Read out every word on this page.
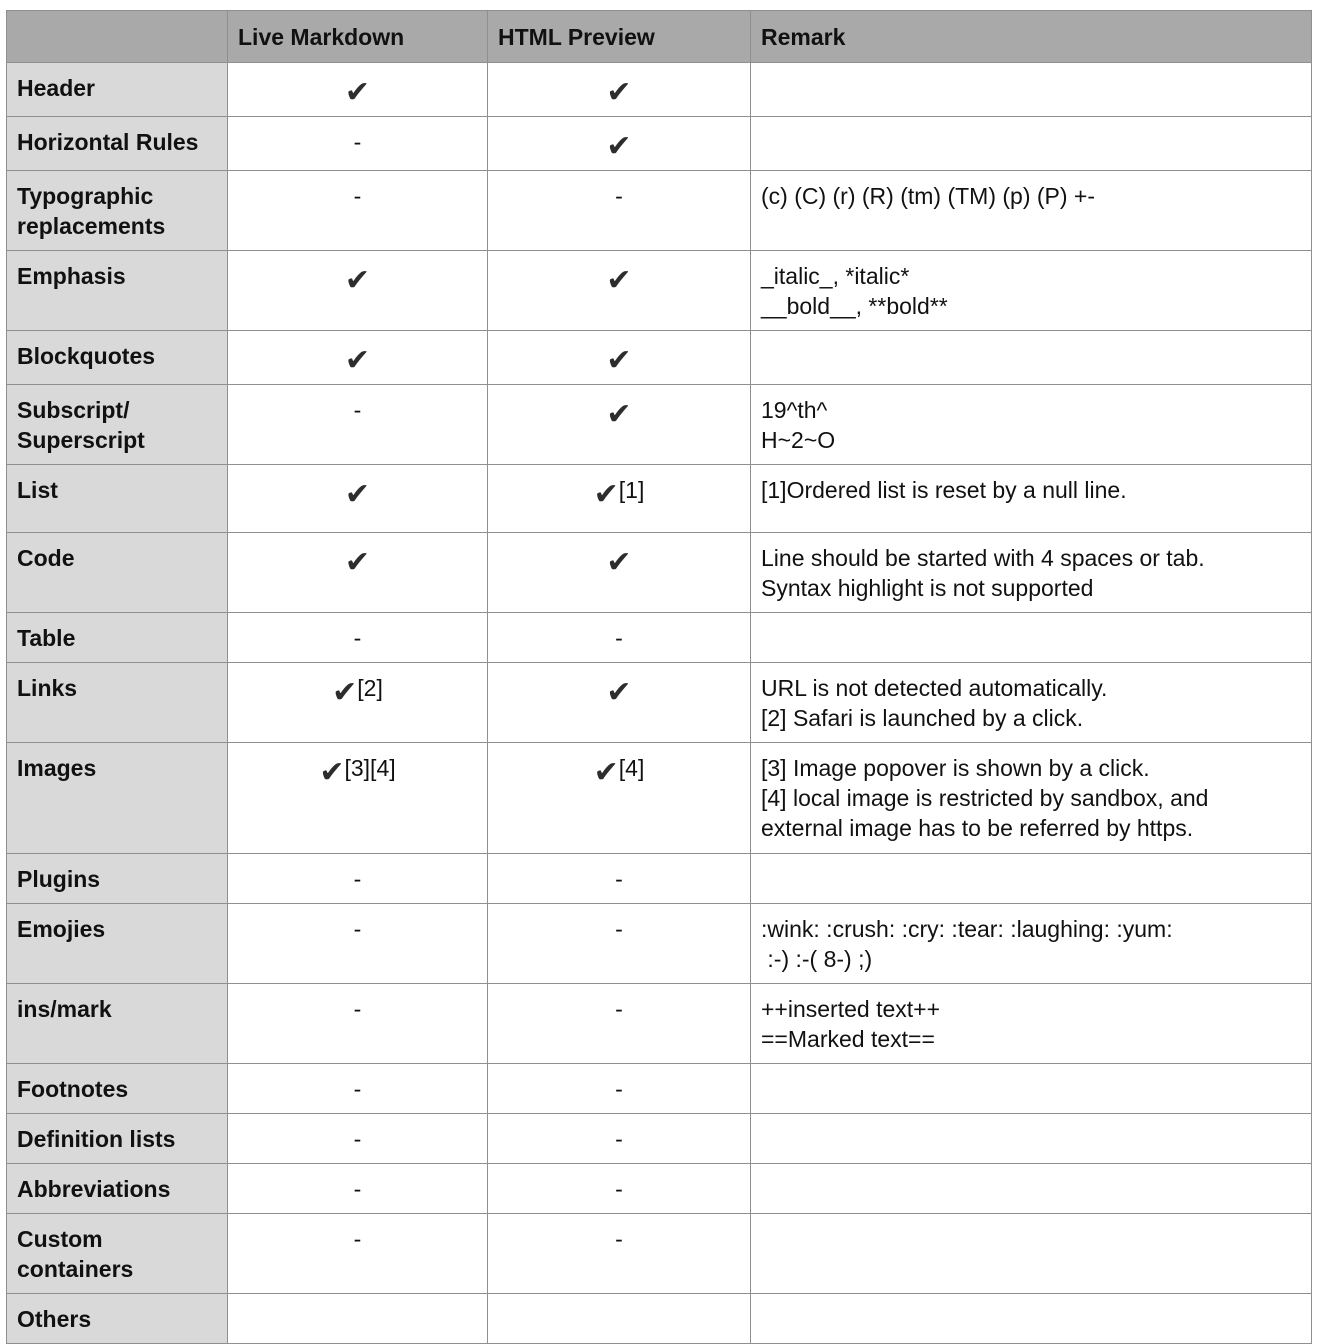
	Live Markdown	HTML Preview	Remark

Header	✔	✔	

Horizontal Rules	-	✔	

Typographic
replacements	-	-	(c) (C) (r) (R) (tm) (TM) (p) (P) +-

Emphasis	✔	✔	_italic_, *italic*
__bold__, **bold**

Blockquotes	✔	✔	

Subscript/
Superscript	-	✔	19^th^
H~2~O

List	✔	✔[1]	[1]Ordered list is reset by a null line.

Code	✔	✔	Line should be started with 4 spaces or tab.
Syntax highlight is not supported

Table	-	-	

Links	✔[2]	✔	URL is not detected automatically.
[2] Safari is launched by a click.

Images	✔[3][4]	✔[4]	[3] Image popover is shown by a click.
[4] local image is restricted by sandbox, and
external image has to be referred by https.

Plugins	-	-	

Emojies	-	-	:wink: :crush: :cry: :tear: :laughing: :yum:
:-) :-( 8-) ;)

ins/mark	-	-	++inserted text++
==Marked text==

Footnotes	-	-	

Definition lists	-	-	

Abbreviations	-	-	

Custom
containers	-	-	

Others			
